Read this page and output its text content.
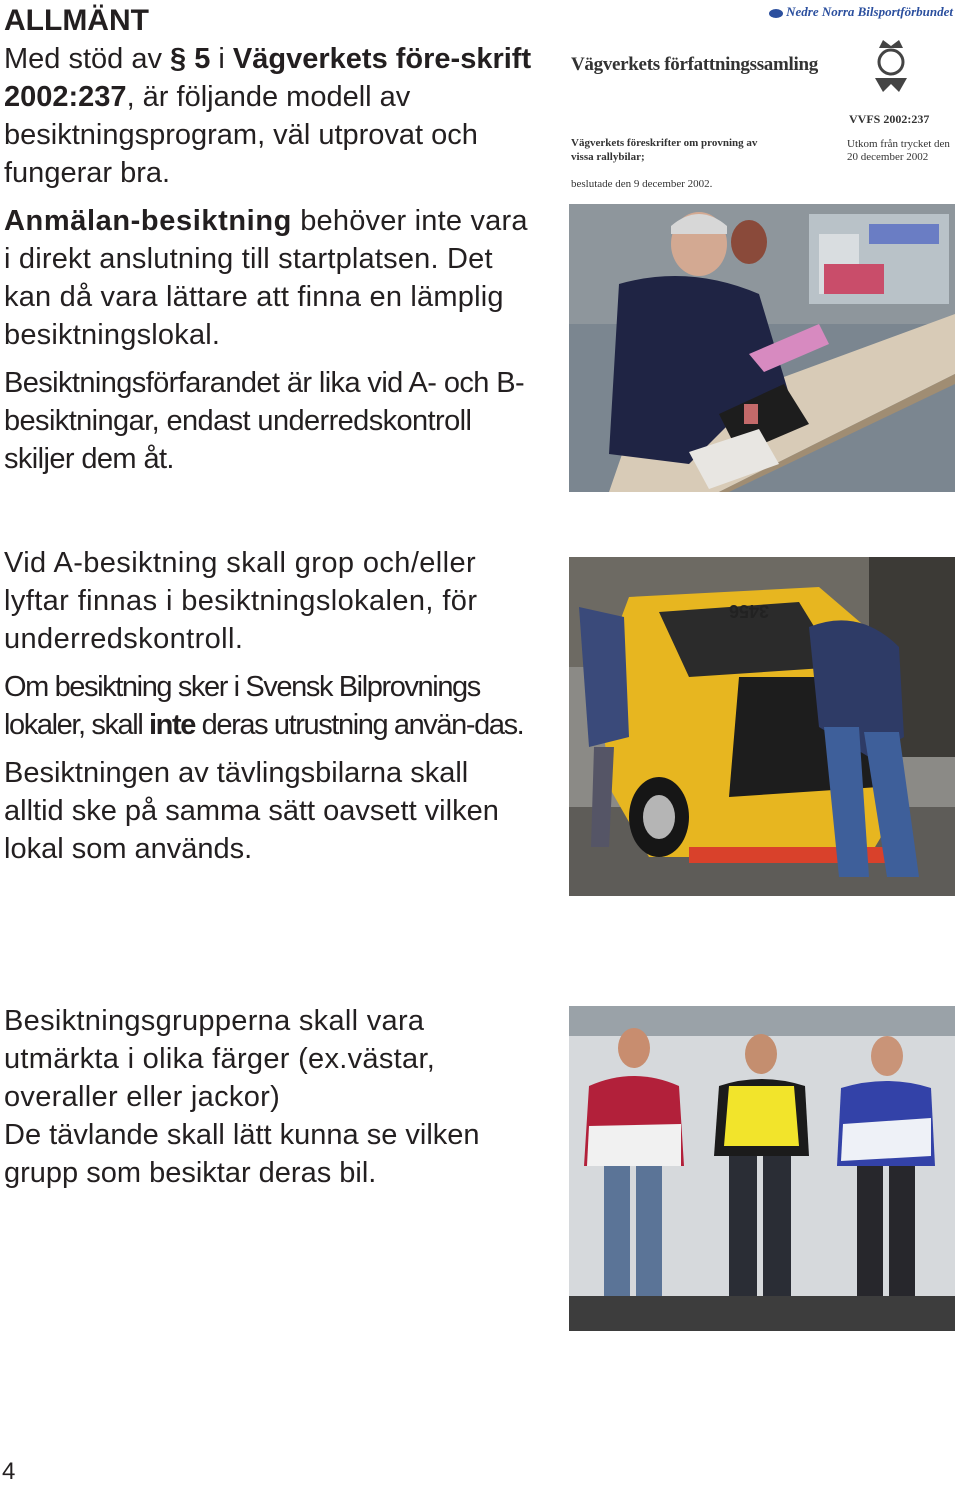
ALLMÄNT

Med stöd av § 5 i Vägverkets före-skrift 2002:237, är följande modell av besiktningsprogram, väl utprovat och fungerar bra.

Anmälan-besiktning behöver inte vara i direkt anslutning till startplatsen. Det kan då vara lättare att finna en lämplig besiktningslokal.

Besiktningsförfarandet är lika vid A- och B-besiktningar, endast underredskontroll skiljer dem åt.

Vid A-besiktning skall grop och/eller lyftar finnas i besiktningslokalen, för underredskontroll.

Om besiktning sker i Svensk Bilprovnings lokaler, skall inte deras utrustning använ-das.

Besiktningen av tävlingsbilarna skall alltid ske på samma sätt oavsett vilken lokal som används.

Besiktningsgrupperna skall vara utmärkta i olika färger (ex.västar, overaller eller jackor)

De tävlande skall lätt kunna se vilken grupp som besiktar deras bil.

4
Nedre Norra Bilsportförbundet
Vägverkets författningssamling
VVFS 2002:237
Vägverkets föreskrifter om provning av vissa rallybilar;
Utkom från trycket den 20 december 2002
beslutade den 9 december 2002.
3456
